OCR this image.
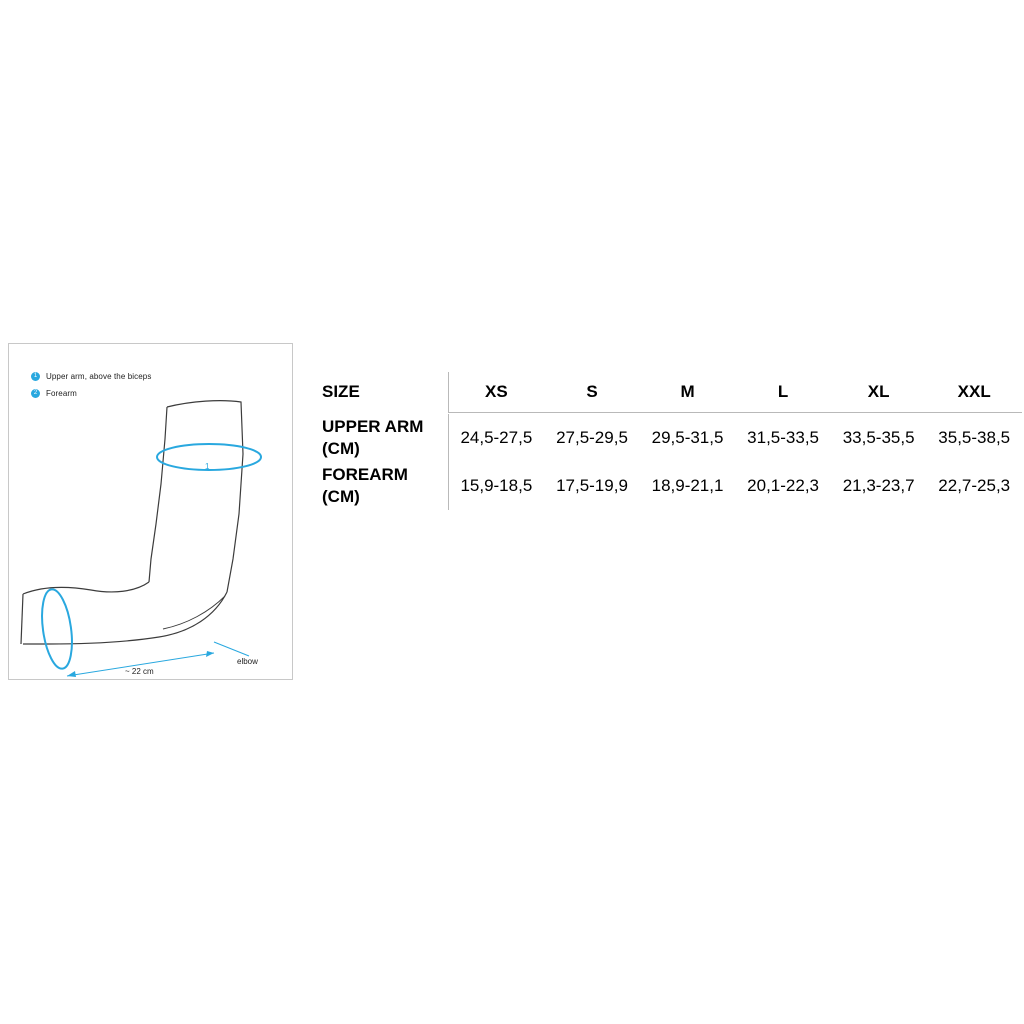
1	Upper arm, above the biceps
2	Forearm
1
elbow
~ 22 cm
SIZE	XS	S	M	L	XL	XXL

UPPER ARM (CM)	24,5-27,5	27,5-29,5	29,5-31,5	31,5-33,5	33,5-35,5	35,5-38,5
FOREARM (CM)	15,9-18,5	17,5-19,9	18,9-21,1	20,1-22,3	21,3-23,7	22,7-25,3
